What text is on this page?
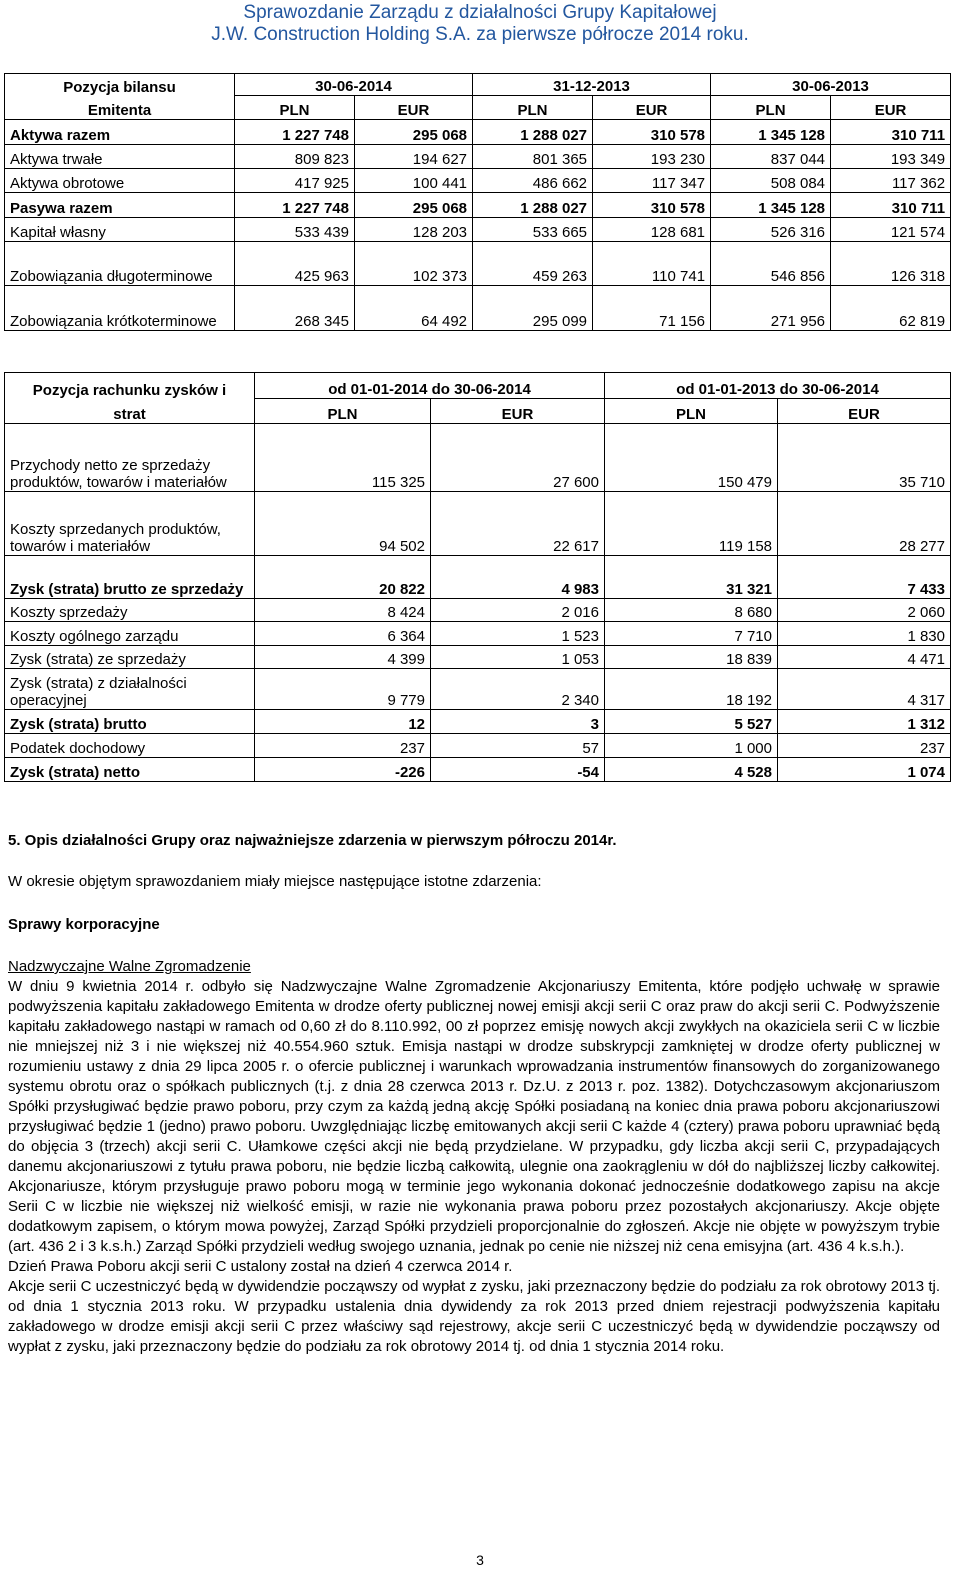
Sprawozdanie Zarządu z działalności Grupy Kapitałowej
J.W. Construction Holding S.A. za pierwsze półrocze 2014 roku.
Pozycja bilansu	30-06-2014		31-12-2013		30-06-2013	
Emitenta	PLN	EUR	PLN	EUR	PLN	EUR
Aktywa razem	1 227 748	295 068	1 288 027	310 578	1 345 128	310 711
Aktywa trwałe	809 823	194 627	801 365	193 230	837 044	193 349
Aktywa obrotowe	417 925	100 441	486 662	117 347	508 084	117 362
Pasywa razem	1 227 748	295 068	1 288 027	310 578	1 345 128	310 711
Kapitał własny	533 439	128 203	533 665	128 681	526 316	121 574
Zobowiązania długoterminowe	425 963	102 373	459 263	110 741	546 856	126 318
Zobowiązania krótkoterminowe	268 345	64 492	295 099	71 156	271 956	62 819
Pozycja rachunku zysków i	od 01-01-2014 do 30-06-2014		od 01-01-2013 do 30-06-2014	
strat	PLN	EUR	PLN	EUR
Przychody netto ze sprzedaży produktów, towarów i materiałów	115 325	27 600	150 479	35 710
Koszty sprzedanych produktów, towarów i materiałów	94 502	22 617	119 158	28 277
Zysk (strata) brutto ze sprzedaży	20 822	4 983	31 321	7 433
Koszty sprzedaży	8 424	2 016	8 680	2 060
Koszty ogólnego zarządu	6 364	1 523	7 710	1 830
Zysk (strata) ze sprzedaży	4 399	1 053	18 839	4 471
Zysk (strata) z działalności operacyjnej	9 779	2 340	18 192	4 317
Zysk (strata) brutto	12	3	5 527	1 312
Podatek dochodowy	237	57	1 000	237
Zysk (strata) netto	-226	-54	4 528	1 074
5. Opis działalności Grupy oraz najważniejsze zdarzenia w pierwszym półroczu 2014r.
W okresie objętym sprawozdaniem miały miejsce następujące istotne zdarzenia:
Sprawy korporacyjne
Nadzwyczajne Walne Zgromadzenie

W dniu 9 kwietnia 2014 r. odbyło się Nadzwyczajne Walne Zgromadzenie Akcjonariuszy Emitenta, które podjęło uchwałę w sprawie podwyższenia kapitału zakładowego Emitenta w drodze oferty publicznej nowej emisji akcji serii C oraz praw do akcji serii C. Podwyższenie kapitału zakładowego nastąpi w ramach od 0,60 zł do 8.110.992, 00 zł poprzez emisję nowych akcji zwykłych na okaziciela serii C w liczbie nie mniejszej niż 3 i nie większej niż 40.554.960 sztuk. Emisja nastąpi w drodze subskrypcji zamkniętej w drodze oferty publicznej w rozumieniu ustawy z dnia 29 lipca 2005 r. o ofercie publicznej i warunkach wprowadzania instrumentów finansowych do zorganizowanego systemu obrotu oraz o spółkach publicznych (t.j. z dnia 28 czerwca 2013 r. Dz.U. z 2013 r. poz. 1382). Dotychczasowym akcjonariuszom Spółki przysługiwać będzie prawo poboru, przy czym za każdą jedną akcję Spółki posiadaną na koniec dnia prawa poboru akcjonariuszowi przysługiwać będzie 1 (jedno) prawo poboru. Uwzględniając liczbę emitowanych akcji serii C każde 4 (cztery) prawa poboru uprawniać będą do objęcia 3 (trzech) akcji serii C. Ułamkowe części akcji nie będą przydzielane. W przypadku, gdy liczba akcji serii C, przypadających danemu akcjonariuszowi z tytułu prawa poboru, nie będzie liczbą całkowitą, ulegnie ona zaokrągleniu w dół do najbliższej liczby całkowitej. Akcjonariusze, którym przysługuje prawo poboru mogą w terminie jego wykonania dokonać jednocześnie dodatkowego zapisu na akcje Serii C w liczbie nie większej niż wielkość emisji, w razie nie wykonania prawa poboru przez pozostałych akcjonariuszy. Akcje objęte dodatkowym zapisem, o którym mowa powyżej, Zarząd Spółki przydzieli proporcjonalnie do zgłoszeń. Akcje nie objęte w powyższym trybie (art. 436 2 i 3 k.s.h.) Zarząd Spółki przydzieli według swojego uznania, jednak po cenie nie niższej niż cena emisyjna (art. 436 4 k.s.h.).

Dzień Prawa Poboru akcji serii C ustalony został na dzień 4 czerwca 2014 r.

Akcje serii C uczestniczyć będą w dywidendzie począwszy od wypłat z zysku, jaki przeznaczony będzie do podziału za rok obrotowy 2013 tj. od dnia 1 stycznia 2013 roku. W przypadku ustalenia dnia dywidendy za rok 2013 przed dniem rejestracji podwyższenia kapitału zakładowego w drodze emisji akcji serii C przez właściwy sąd rejestrowy, akcje serii C uczestniczyć będą w dywidendzie począwszy od wypłat z zysku, jaki przeznaczony będzie do podziału za rok obrotowy 2014 tj. od dnia 1 stycznia 2014 roku.

3
